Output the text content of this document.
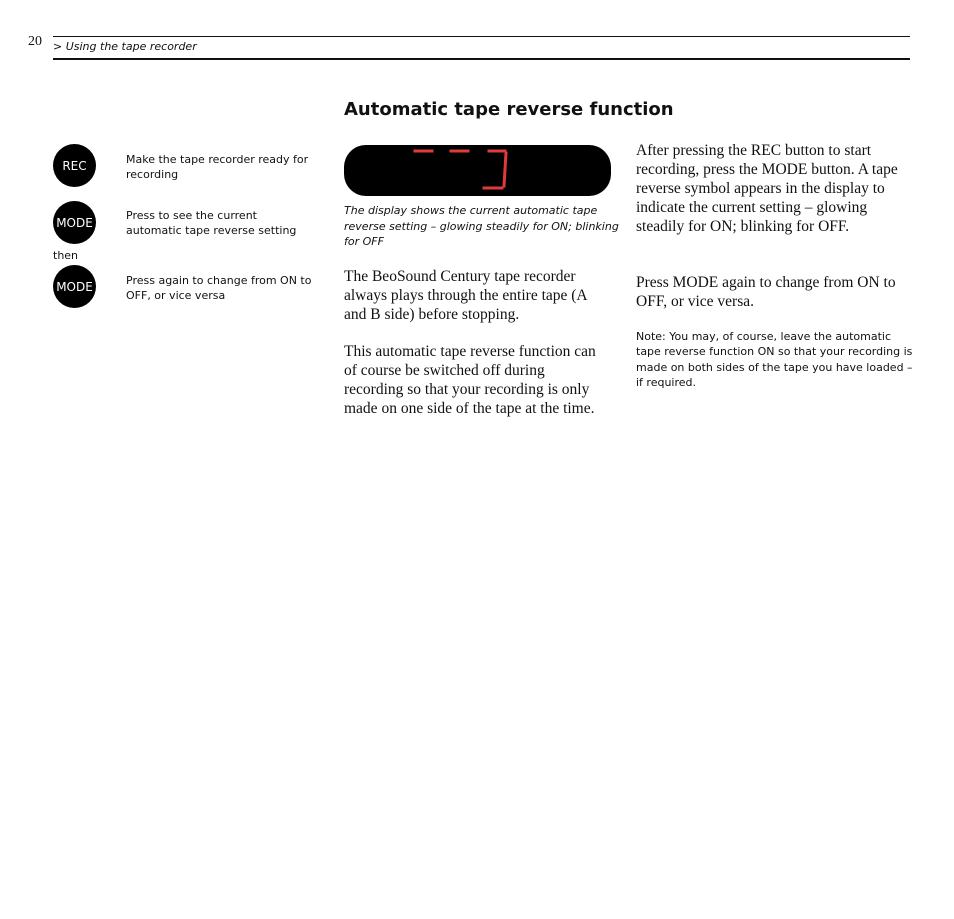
20 > Using the tape recorder
Automatic tape reverse function
REC	Make the tape recorder ready for recording
MODE	Press to see the current automatic tape reverse setting
then
MODE	Press again to change from ON to OFF, or vice versa
The display shows the current automatic tape reverse setting – glowing steadily for ON; blinking for OFF

The BeoSound Century tape recorder always plays through the entire tape (A and B side) before stopping.

This automatic tape reverse function can of course be switched off during recording so that your recording is only made on one side of the tape at the time.

After pressing the REC button to start recording, press the MODE button. A tape reverse symbol appears in the display to indicate the current setting – glowing steadily for ON; blinking for OFF.

Press MODE again to change from ON to OFF, or vice versa.

Note: You may, of course, leave the automatic tape reverse function ON so that your recording is made on both sides of the tape you have loaded – if required.
